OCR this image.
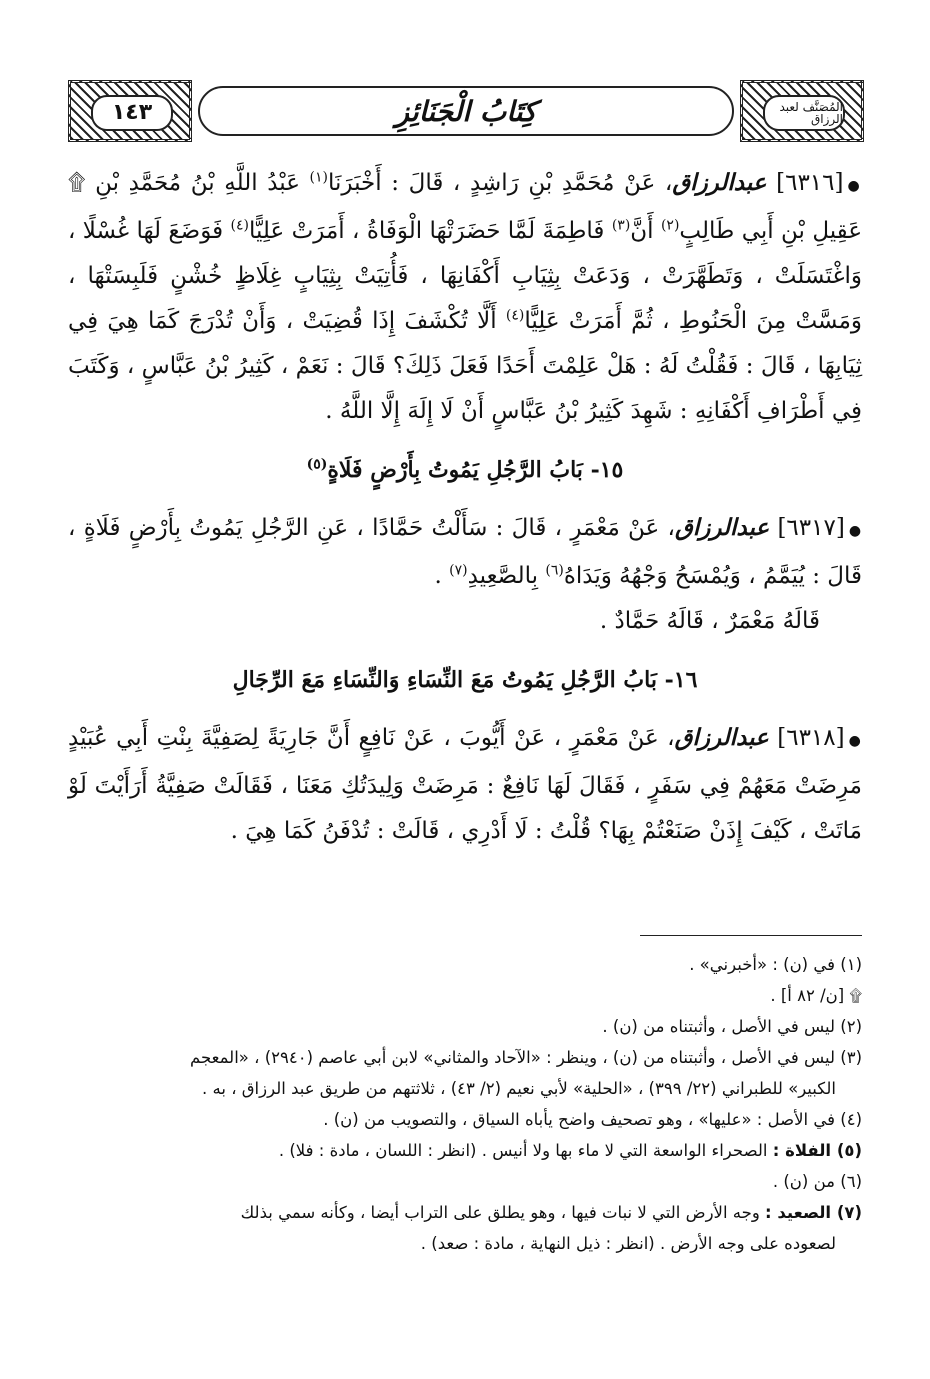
المُصَنَّف لعبد الرزاق
كِتَابُ الْجَنَائِزِ
١٤٣

●[٦٣١٦] عبدالرزاق، عَنْ مُحَمَّدِ بْنِ رَاشِدٍ ، قَالَ : أَخْبَرَنَا$^{(١)}$ عَبْدُ اللَّهِ بْنُ مُحَمَّدِ بْنِ ۩ عَقِيلِ بْنِ أَبِي طَالِبٍ$^{(٢)}$ أَنَّ$^{(٣)}$ فَاطِمَةَ لَمَّا حَضَرَتْهَا الْوَفَاةُ ، أَمَرَتْ عَلِيًّا$^{(٤)}$ فَوَضَعَ لَهَا غُسْلًا ، وَاغْتَسَلَتْ ، وَتَطَهَّرَتْ ، وَدَعَتْ بِثِيَابِ أَكْفَانِهَا ، فَأُتِيَتْ بِثِيَابٍ غِلَاظٍ خُشْنٍ فَلَبِسَتْهَا ، وَمَسَّتْ مِنَ الْحَنُوطِ ، ثُمَّ أَمَرَتْ عَلِيًّا$^{(٤)}$ أَلَّا تُكْشَفَ إِذَا قُضِيَتْ ، وَأَنْ تُدْرَجَ كَمَا هِيَ فِي ثِيَابِهَا ، قَالَ : فَقُلْتُ لَهُ : هَلْ عَلِمْتَ أَحَدًا فَعَلَ ذَلِكَ؟ قَالَ : نَعَمْ ، كَثِيرُ بْنُ عَبَّاسٍ ، وَكَتَبَ فِي أَطْرَافِ أَكْفَانِهِ : شَهِدَ كَثِيرُ بْنُ عَبَّاسٍ أَنْ لَا إِلَهَ إِلَّا اللَّهُ .

١٥- بَابُ الرَّجُلِ يَمُوتُ بِأَرْضٍ فَلَاةٍ$^{(٥)}$

●[٦٣١٧] عبدالرزاق، عَنْ مَعْمَرٍ ، قَالَ : سَأَلْتُ حَمَّادًا ، عَنِ الرَّجُلِ يَمُوتُ بِأَرْضٍ فَلَاةٍ ، قَالَ : يُيَمَّمُ ، وَيُمْسَحُ وَجْهُهُ وَيَدَاهُ$^{(٦)}$ بِالصَّعِيدِ$^{(٧)}$ .

قَالَهُ مَعْمَرٌ ، قَالَهُ حَمَّادٌ .

١٦- بَابُ الرَّجُلِ يَمُوتُ مَعَ النِّسَاءِ وَالنِّسَاءِ مَعَ الرِّجَالِ

●[٦٣١٨] عبدالرزاق، عَنْ مَعْمَرٍ ، عَنْ أَيُّوبَ ، عَنْ نَافِعٍ أَنَّ جَارِيَةً لِصَفِيَّةَ بِنْتِ أَبِي عُبَيْدٍ مَرِضَتْ مَعَهُمْ فِي سَفَرٍ ، فَقَالَ لَهَا نَافِعٌ : مَرِضَتْ وَلِيدَتُكِ مَعَنَا ، فَقَالَتْ صَفِيَّةُ أَرَأَيْتَ لَوْ مَاتَتْ ، كَيْفَ إِذَنْ صَنَعْتُمْ بِهَا؟ قُلْتُ : لَا أَدْرِي ، قَالَتْ : تُدْفَنُ كَمَا هِيَ .

(١) في (ن) : «أخبرني» .

۩ [ن/ ٨٢ أ] .

(٢) ليس في الأصل ، وأثبتناه من (ن) .

(٣) ليس في الأصل ، وأثبتناه من (ن) ، وينظر : «الآحاد والمثاني» لابن أبي عاصم (٢٩٤٠) ، «المعجم

الكبير» للطبراني (٢٢/ ٣٩٩) ، «الحلية» لأبي نعيم (٢/ ٤٣) ، ثلاثتهم من طريق عبد الرزاق ، به .

(٤) في الأصل : «عليها» ، وهو تصحيف واضح يأباه السياق ، والتصويب من (ن) .

(٥) الفلاة : الصحراء الواسعة التي لا ماء بها ولا أنيس . (انظر : اللسان ، مادة : فلا) .

(٦) من (ن) .

(٧) الصعيد : وجه الأرض التي لا نبات فيها ، وهو يطلق على التراب أيضا ، وكأنه سمي بذلك

لصعوده على وجه الأرض . (انظر : ذيل النهاية ، مادة : صعد) .
